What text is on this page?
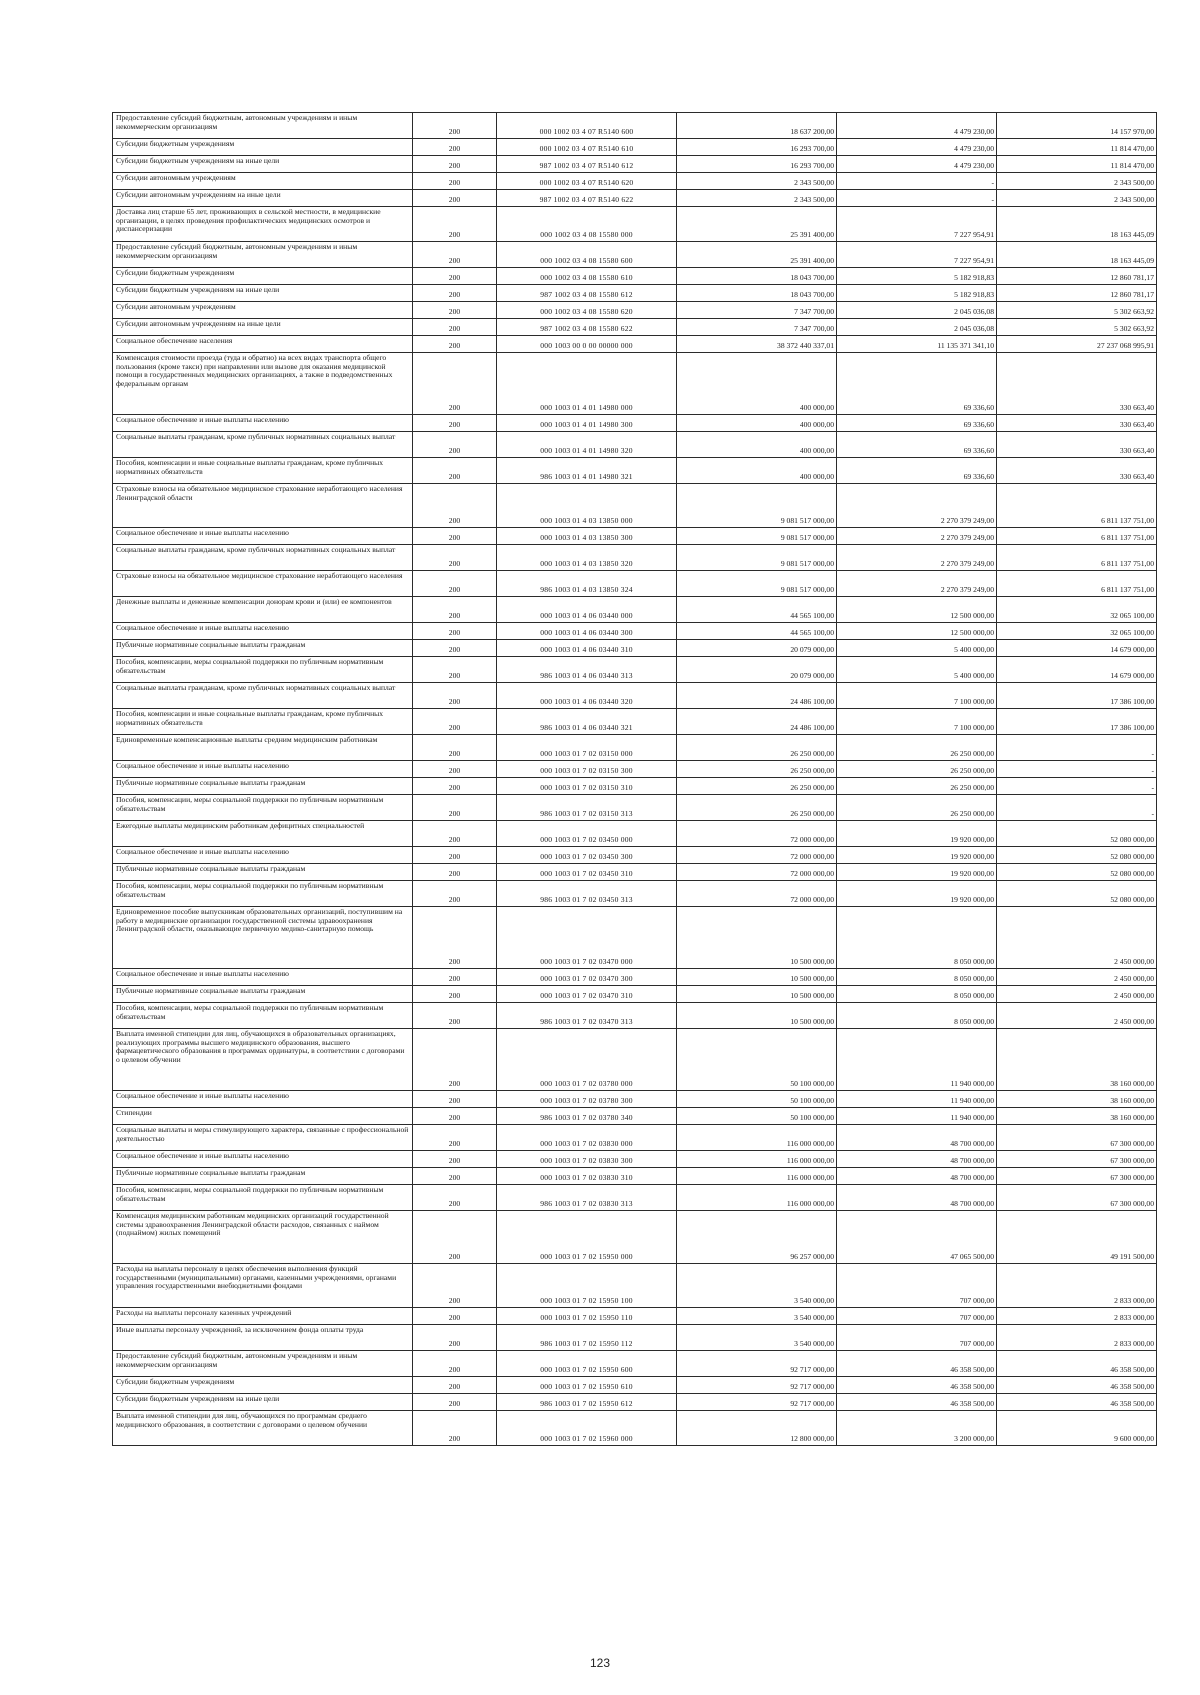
Предоставление субсидий бюджетным, автономным учреждениям и иным некоммерческим организациям	200	000 1002 03 4 07 R5140 600	18 637 200,00	4 479 230,00	14 157 970,00
Субсидии бюджетным учреждениям	200	000 1002 03 4 07 R5140 610	16 293 700,00	4 479 230,00	11 814 470,00
Субсидии бюджетным учреждениям на иные цели	200	987 1002 03 4 07 R5140 612	16 293 700,00	4 479 230,00	11 814 470,00
Субсидии автономным учреждениям	200	000 1002 03 4 07 R5140 620	2 343 500,00	-	2 343 500,00
Субсидии автономным учреждениям на иные цели	200	987 1002 03 4 07 R5140 622	2 343 500,00	-	2 343 500,00
Доставка лиц старше 65 лет, проживающих в сельской местности, в медицинские организации, в целях проведения профилактических медицинских осмотров и диспансеризации	200	000 1002 03 4 08 15580 000	25 391 400,00	7 227 954,91	18 163 445,09
Предоставление субсидий бюджетным, автономным учреждениям и иным некоммерческим организациям	200	000 1002 03 4 08 15580 600	25 391 400,00	7 227 954,91	18 163 445,09
Субсидии бюджетным учреждениям	200	000 1002 03 4 08 15580 610	18 043 700,00	5 182 918,83	12 860 781,17
Субсидии бюджетным учреждениям на иные цели	200	987 1002 03 4 08 15580 612	18 043 700,00	5 182 918,83	12 860 781,17
Субсидии автономным учреждениям	200	000 1002 03 4 08 15580 620	7 347 700,00	2 045 036,08	5 302 663,92
Субсидии автономным учреждениям на иные цели	200	987 1002 03 4 08 15580 622	7 347 700,00	2 045 036,08	5 302 663,92
Социальное обеспечение населения	200	000 1003 00 0 00 00000 000	38 372 440 337,01	11 135 371 341,10	27 237 068 995,91
Компенсация стоимости проезда (туда и обратно) на всех видах транспорта общего пользования (кроме такси) при направлении или вызове для оказания медицинской помощи в государственных медицинских организациях, а также в подведомственных федеральным органам	200	000 1003 01 4 01 14980 000	400 000,00	69 336,60	330 663,40
Социальное обеспечение и иные выплаты населению	200	000 1003 01 4 01 14980 300	400 000,00	69 336,60	330 663,40
Социальные выплаты гражданам, кроме публичных нормативных социальных выплат	200	000 1003 01 4 01 14980 320	400 000,00	69 336,60	330 663,40
Пособия, компенсации и иные социальные выплаты гражданам, кроме публичных нормативных обязательств	200	986 1003 01 4 01 14980 321	400 000,00	69 336,60	330 663,40
Страховые взносы на обязательное медицинское страхование неработающего населения Ленинградской области	200	000 1003 01 4 03 13850 000	9 081 517 000,00	2 270 379 249,00	6 811 137 751,00
Социальное обеспечение и иные выплаты населению	200	000 1003 01 4 03 13850 300	9 081 517 000,00	2 270 379 249,00	6 811 137 751,00
Социальные выплаты гражданам, кроме публичных нормативных социальных выплат	200	000 1003 01 4 03 13850 320	9 081 517 000,00	2 270 379 249,00	6 811 137 751,00
Страховые взносы на обязательное медицинское страхование неработающего населения	200	986 1003 01 4 03 13850 324	9 081 517 000,00	2 270 379 249,00	6 811 137 751,00
Денежные выплаты и денежные компенсации донорам крови и (или) ее компонентов	200	000 1003 01 4 06 03440 000	44 565 100,00	12 500 000,00	32 065 100,00
Социальное обеспечение и иные выплаты населению	200	000 1003 01 4 06 03440 300	44 565 100,00	12 500 000,00	32 065 100,00
Публичные нормативные социальные выплаты гражданам	200	000 1003 01 4 06 03440 310	20 079 000,00	5 400 000,00	14 679 000,00
Пособия, компенсации, меры социальной поддержки по публичным нормативным обязательствам	200	986 1003 01 4 06 03440 313	20 079 000,00	5 400 000,00	14 679 000,00
Социальные выплаты гражданам, кроме публичных нормативных социальных выплат	200	000 1003 01 4 06 03440 320	24 486 100,00	7 100 000,00	17 386 100,00
Пособия, компенсации и иные социальные выплаты гражданам, кроме публичных нормативных обязательств	200	986 1003 01 4 06 03440 321	24 486 100,00	7 100 000,00	17 386 100,00
Единовременные компенсационные выплаты средним медицинским работникам	200	000 1003 01 7 02 03150 000	26 250 000,00	26 250 000,00	-
Социальное обеспечение и иные выплаты населению	200	000 1003 01 7 02 03150 300	26 250 000,00	26 250 000,00	-
Публичные нормативные социальные выплаты гражданам	200	000 1003 01 7 02 03150 310	26 250 000,00	26 250 000,00	-
Пособия, компенсации, меры социальной поддержки по публичным нормативным обязательствам	200	986 1003 01 7 02 03150 313	26 250 000,00	26 250 000,00	-
Ежегодные выплаты медицинским работникам дефицитных специальностей	200	000 1003 01 7 02 03450 000	72 000 000,00	19 920 000,00	52 080 000,00
Социальное обеспечение и иные выплаты населению	200	000 1003 01 7 02 03450 300	72 000 000,00	19 920 000,00	52 080 000,00
Публичные нормативные социальные выплаты гражданам	200	000 1003 01 7 02 03450 310	72 000 000,00	19 920 000,00	52 080 000,00
Пособия, компенсации, меры социальной поддержки по публичным нормативным обязательствам	200	986 1003 01 7 02 03450 313	72 000 000,00	19 920 000,00	52 080 000,00
Единовременное пособие выпускникам образовательных организаций, поступившим на работу в медицинские организации государственной системы здравоохранения Ленинградской области, оказывающие первичную медико-санитарную помощь	200	000 1003 01 7 02 03470 000	10 500 000,00	8 050 000,00	2 450 000,00
Социальное обеспечение и иные выплаты населению	200	000 1003 01 7 02 03470 300	10 500 000,00	8 050 000,00	2 450 000,00
Публичные нормативные социальные выплаты гражданам	200	000 1003 01 7 02 03470 310	10 500 000,00	8 050 000,00	2 450 000,00
Пособия, компенсации, меры социальной поддержки по публичным нормативным обязательствам	200	986 1003 01 7 02 03470 313	10 500 000,00	8 050 000,00	2 450 000,00
Выплата именной стипендии для лиц, обучающихся в образовательных организациях, реализующих программы высшего медицинского образования, высшего фармацевтического образования в программах ординатуры, в соответствии с договорами о целевом обучении	200	000 1003 01 7 02 03780 000	50 100 000,00	11 940 000,00	38 160 000,00
Социальное обеспечение и иные выплаты населению	200	000 1003 01 7 02 03780 300	50 100 000,00	11 940 000,00	38 160 000,00
Стипендии	200	986 1003 01 7 02 03780 340	50 100 000,00	11 940 000,00	38 160 000,00
Социальные выплаты и меры стимулирующего характера, связанные с профессиональной деятельностью	200	000 1003 01 7 02 03830 000	116 000 000,00	48 700 000,00	67 300 000,00
Социальное обеспечение и иные выплаты населению	200	000 1003 01 7 02 03830 300	116 000 000,00	48 700 000,00	67 300 000,00
Публичные нормативные социальные выплаты гражданам	200	000 1003 01 7 02 03830 310	116 000 000,00	48 700 000,00	67 300 000,00
Пособия, компенсации, меры социальной поддержки по публичным нормативным обязательствам	200	986 1003 01 7 02 03830 313	116 000 000,00	48 700 000,00	67 300 000,00
Компенсация медицинским работникам медицинских организаций государственной системы здравоохранения Ленинградской области расходов, связанных с наймом (поднаймом) жилых помещений	200	000 1003 01 7 02 15950 000	96 257 000,00	47 065 500,00	49 191 500,00
Расходы на выплаты персоналу в целях обеспечения выполнения функций государственными (муниципальными) органами, казенными учреждениями, органами управления государственными внебюджетными фондами	200	000 1003 01 7 02 15950 100	3 540 000,00	707 000,00	2 833 000,00
Расходы на выплаты персоналу казенных учреждений	200	000 1003 01 7 02 15950 110	3 540 000,00	707 000,00	2 833 000,00
Иные выплаты персоналу учреждений, за исключением фонда оплаты труда	200	986 1003 01 7 02 15950 112	3 540 000,00	707 000,00	2 833 000,00
Предоставление субсидий бюджетным, автономным учреждениям и иным некоммерческим организациям	200	000 1003 01 7 02 15950 600	92 717 000,00	46 358 500,00	46 358 500,00
Субсидии бюджетным учреждениям	200	000 1003 01 7 02 15950 610	92 717 000,00	46 358 500,00	46 358 500,00
Субсидии бюджетным учреждениям на иные цели	200	986 1003 01 7 02 15950 612	92 717 000,00	46 358 500,00	46 358 500,00
Выплата именной стипендии для лиц, обучающихся по программам среднего медицинского образования, в соответствии с договорами о целевом обучении	200	000 1003 01 7 02 15960 000	12 800 000,00	3 200 000,00	9 600 000,00
123
